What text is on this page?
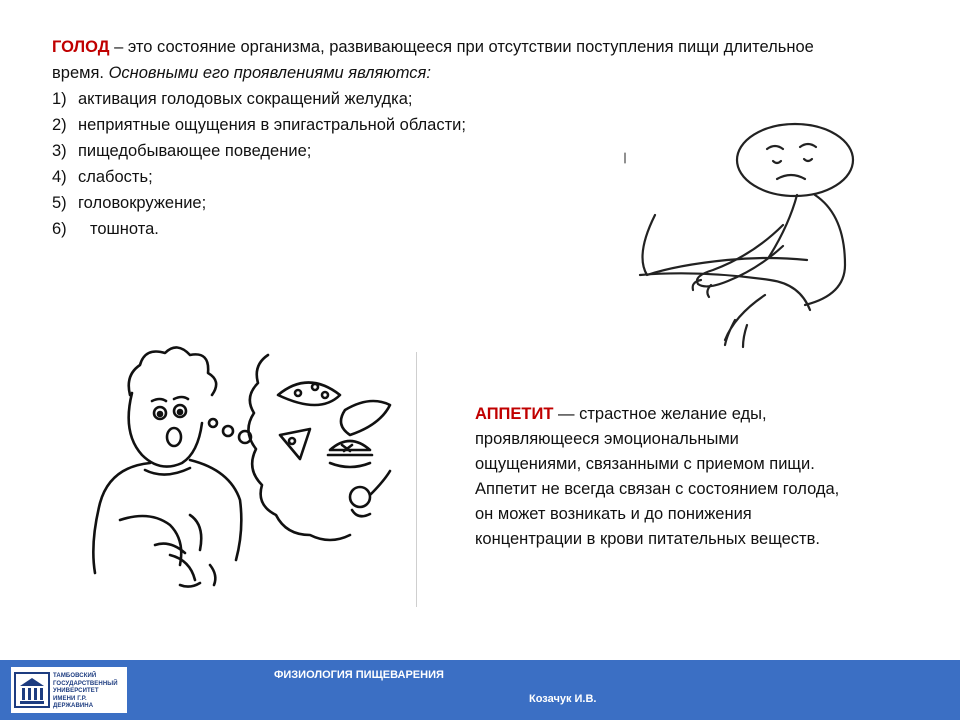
ГОЛОД – это состояние организма, развивающееся при отсутствии поступления пищи длительное время. Основными его проявлениями являются:

1) активация голодовых сокращений желудка;
2) неприятные ощущения в эпигастральной области;
3) пищедобывающее поведение;
4) слабость;
5) головокружение;
6) тошнота.

АППЕТИТ — страстное желание еды,

проявляющееся эмоциональными

ощущениями, связанными с приемом пищи.

Аппетит не всегда связан с состоянием голода,

он может возникать и до понижения

концентрации в крови питательных веществ.

ТАМБОВСКИЙ
ГОСУДАРСТВЕННЫЙ
УНИВЕРСИТЕТ
ИМЕНИ Г.Р. ДЕРЖАВИНА
ФИЗИОЛОГИЯ ПИЩЕВАРЕНИЯ
Козачук И.В.
